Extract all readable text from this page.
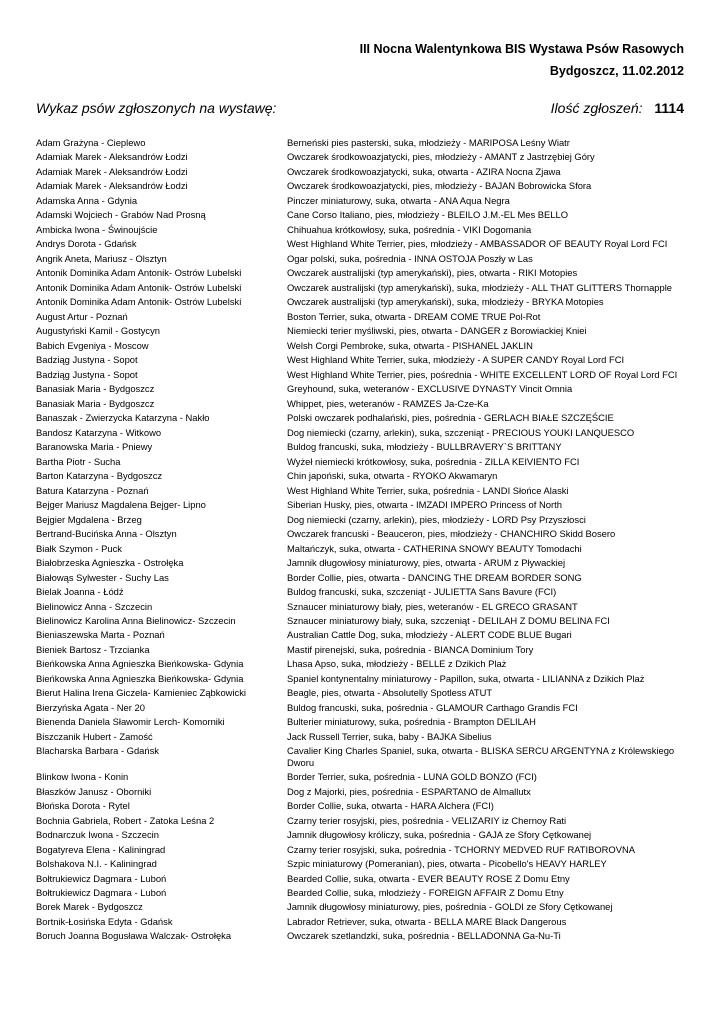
III Nocna Walentynkowa BIS Wystawa Psów Rasowych
Bydgoszcz, 11.02.2012
Wykaz psów zgłoszonych na wystawę:	Ilość zgłoszeń: 1114
Adam Grażyna - Cieplewo	Berneński pies pasterski, suka, młodzieży - MARIPOSA Leśny Wiatr
Adamiak Marek - Aleksandrów Łodzi	Owczarek środkowoazjatycki, pies, młodzieży - AMANT z Jastrzębiej Góry
Adamiak Marek - Aleksandrów Łodzi	Owczarek środkowoazjatycki, suka, otwarta - AZIRA Nocna Zjawa
Adamiak Marek - Aleksandrów Łodzi	Owczarek środkowoazjatycki, pies, młodzieży - BAJAN Bobrowicka Sfora
Adamska Anna - Gdynia	Pinczer miniaturowy, suka, otwarta - ANA Aqua Negra
Adamski Wojciech - Grabów Nad Prosną	Cane Corso Italiano, pies, młodzieży - BLEILO J.M.-EL Mes BELLO
Ambicka Iwona - Świnoujście	Chihuahua krótkowłosy, suka, pośrednia - VIKI Dogomania
Andrys Dorota - Gdańsk	West Highland White Terrier, pies, młodzieży - AMBASSADOR OF BEAUTY Royal Lord FCI
Angrik Aneta, Mariusz - Olsztyn	Ogar polski, suka, pośrednia - INNA OSTOJA Poszły w Las
Antonik Dominika Adam Antonik- Ostrów Lubelski	Owczarek australijski (typ amerykański), pies, otwarta - RIKI Motopies
Antonik Dominika Adam Antonik- Ostrów Lubelski	Owczarek australijski (typ amerykański), suka, młodzieży - ALL THAT GLITTERS Thornapple
Antonik Dominika Adam Antonik- Ostrów Lubelski	Owczarek australijski (typ amerykański), suka, młodzieży - BRYKA Motopies
August Artur - Poznań	Boston Terrier, suka, otwarta - DREAM COME TRUE Pol-Rot
Augustyński Kamil - Gostycyn	Niemiecki terier myśliwski, pies, otwarta - DANGER z Borowiackiej Kniei
Babich Evgeniya - Moscow	Welsh Corgi Pembroke, suka, otwarta - PISHANEL JAKLIN
Badziąg Justyna - Sopot	West Highland White Terrier, suka, młodzieży - A SUPER CANDY Royal Lord FCI
Badziąg Justyna - Sopot	West Highland White Terrier, pies, pośrednia - WHITE EXCELLENT LORD OF Royal Lord FCI
Banasiak Maria - Bydgoszcz	Greyhound, suka, weteranów - EXCLUSIVE DYNASTY Vincit Omnia
Banasiak Maria - Bydgoszcz	Whippet, pies, weteranów - RAMZES Ja-Cze-Ka
Banaszak - Zwierzycka Katarzyna - Nakło	Polski owczarek podhalański, pies, pośrednia - GERLACH BIAŁE SZCZĘŚCIE
Bandosz Katarzyna - Witkowo	Dog niemiecki (czarny, arlekin), suka, szczeniąt - PRECIOUS YOUKI LANQUESCO
Baranowska Maria - Pniewy	Buldog francuski, suka, młodzieży - BULLBRAVERY`S BRITTANY
Bartha Piotr - Sucha	Wyżeł niemiecki krótkowłosy, suka, pośrednia - ZILLA KEIVIENTO FCI
Barton Katarzyna - Bydgoszcz	Chin japoński, suka, otwarta - RYOKO Akwamaryn
Batura Katarzyna - Poznań	West Highland White Terrier, suka, pośrednia - LANDI Słońce Alaski
Bejger Mariusz Magdalena Bejger- Lipno	Siberian Husky, pies, otwarta - IMZADI IMPERO Princess of North
Bejgier Mgdalena - Brzeg	Dog niemiecki (czarny, arlekin), pies, młodzieży - LORD Psy Przyszłosci
Bertrand-Bucińska Anna - Olsztyn	Owczarek francuski - Beauceron, pies, młodzieży - CHANCHIRO Skidd Bosero
Białk Szymon - Puck	Maltańczyk, suka, otwarta - CATHERINA SNOWY BEAUTY Tomodachi
Białobrzeska Agnieszka - Ostrołęka	Jamnik długowłosy miniaturowy, pies, otwarta - ARUM z Pływackiej
Białowąs Sylwester - Suchy Las	Border Collie, pies, otwarta - DANCING THE DREAM BORDER SONG
Bielak Joanna - Łódź	Buldog francuski, suka, szczeniąt - JULIETTA Sans Bavure (FCI)
Bielinowicz Anna - Szczecin	Sznaucer miniaturowy biały, pies, weteranów - EL GRECO GRASANT
Bielinowicz Karolina Anna Bielinowicz- Szczecin	Sznaucer miniaturowy biały, suka, szczeniąt - DELILAH Z DOMU BELINA FCI
Bieniaszewska Marta - Poznań	Australian Cattle Dog, suka, młodzieży - ALERT CODE BLUE Bugari
Bieniek Bartosz - Trzcianka	Mastif pirenejski, suka, pośrednia - BIANCA Dominium Tory
Bieńkowska Anna Agnieszka Bieńkowska- Gdynia	Lhasa Apso, suka, młodzieży - BELLE z Dzikich Plaż
Bieńkowska Anna Agnieszka Bieńkowska- Gdynia	Spaniel kontynentalny miniaturowy - Papillon, suka, otwarta - LILIANNA z Dzikich Plaż
Bierut Halina Irena Giczela- Kamieniec Ząbkowicki	Beagle, pies, otwarta - Absolutelly Spotless ATUT
Bierzyńska Agata - Ner 20	Buldog francuski, suka, pośrednia - GLAMOUR Carthago Grandis FCI
Bienenda Daniela Sławomir Lerch- Komorniki	Bulterier miniaturowy, suka, pośrednia - Brampton DELILAH
Biszczanik Hubert - Zamość	Jack Russell Terrier, suka, baby - BAJKA Sibelius
Blacharska Barbara - Gdańsk	Cavalier King Charles Spaniel, suka, otwarta - BLISKA SERCU ARGENTYNA z Królewskiego Dworu
Blinkow Iwona - Konin	Border Terrier, suka, pośrednia - LUNA GOLD BONZO (FCI)
Błaszków Janusz - Oborniki	Dog z Majorki, pies, pośrednia - ESPARTANO de Almallutx
Błońska Dorota - Rytel	Border Collie, suka, otwarta - HARA Alchera (FCI)
Bochnia Gabriela, Robert - Zatoka Leśna 2	Czarny terier rosyjski, pies, pośrednia - VELIZARIY iz Chernoy Rati
Bodnarczuk Iwona - Szczecin	Jamnik długowłosy króliczy, suka, pośrednia - GAJA ze Sfory Cętkowanej
Bogatyreva Elena - Kaliningrad	Czarny terier rosyjski, suka, pośrednia - TCHORNY MEDVED RUF RATIBOROVNA
Bolshakova N.I. - Kaliningrad	Szpic miniaturowy (Pomeranian), pies, otwarta - Picobello's HEAVY HARLEY
Bołtrukiewicz Dagmara - Luboń	Bearded Collie, suka, otwarta - EVER BEAUTY ROSE Z Domu Etny
Bołtrukiewicz Dagmara - Luboń	Bearded Collie, suka, młodzieży - FOREIGN AFFAIR Z Domu Etny
Borek Marek - Bydgoszcz	Jamnik długowłosy miniaturowy, pies, pośrednia - GOLDI ze Sfory Cętkowanej
Bortnik-Łosińska Edyta - Gdańsk	Labrador Retriever, suka, otwarta - BELLA MARE Black Dangerous
Boruch Joanna Bogusława Walczak- Ostrołęka	Owczarek szetlandzki, suka, pośrednia - BELLADONNA Ga-Nu-Ti
